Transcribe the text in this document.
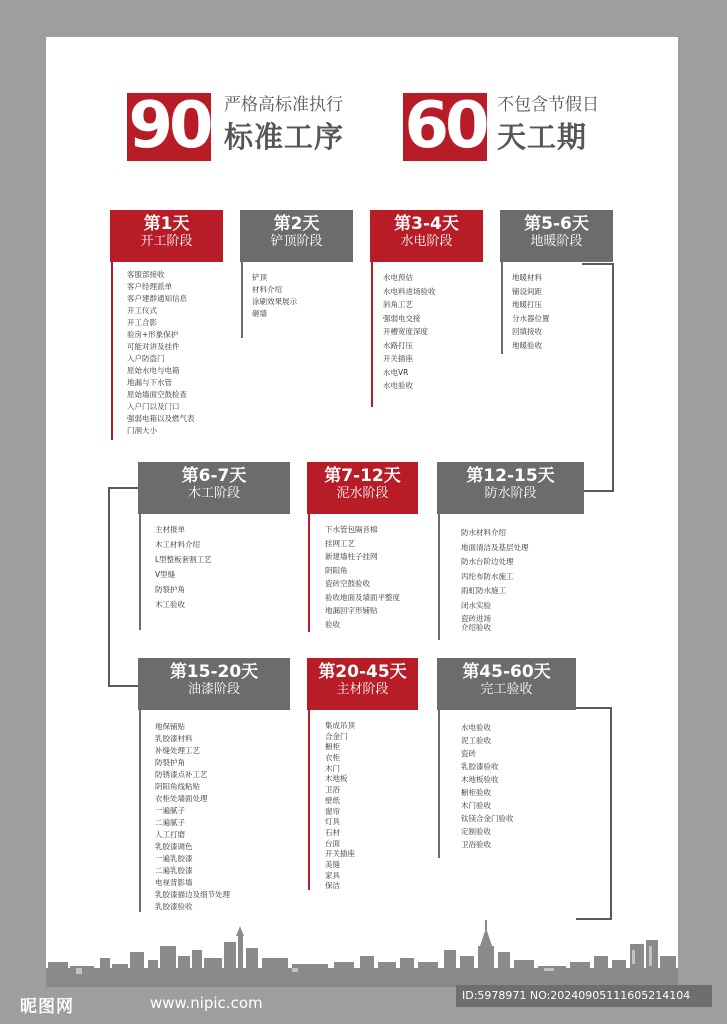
90 严格高标准执行
标准工序 60 不包含节假日
天工期
第1天
开工阶段
客服部接收
客户经理派单
客户建群通知信息
开工仪式
开工合影
验房+形象保护
可能对讲及挂件
入户防盗门
原始水电与电箱
地漏与下水管
原始墙面空鼓检查
入户门以及门口
强弱电箱以及燃气表
门洞大小
第2天
铲顶阶段
铲顶
材料介绍
涂刷效果展示
砸墙
第3-4天
水电阶段
水电预估
水电料进场验收
斜角工艺
强弱电交接
开槽宽度深度
水路打压
开关插座
水电VR
水电验收
第5-6天
地暖阶段
地暖材料
铺设间距
地暖打压
分水器位置
回填接收
地暖验收
第6-7天
木工阶段
主材报单
木工材料介绍
L型整板套割工艺
V型缝
防裂护角
木工验收
第7-12天
泥水阶段
下水管包隔音棉
挂网工艺
新建墙柱子挂网
阴阳角
瓷砖空鼓验收
验收地面及墙面平整度
地漏回字形铺贴
验收
第12-15天
防水阶段
防水材料介绍
地面清洁及基层处理
防水台阶边处理
丙纶布防水施工
雨虹防水施工
闭水实验
瓷砖进场
介绍验收
第15-20天
油漆阶段
地保铺贴
乳胶漆材料
补缝处理工艺
防裂护角
防锈漆点补工艺
阴阳角线粘贴
衣柜处墙面处理
一遍腻子
二遍腻子
人工打磨
乳胶漆调色
一遍乳胶漆
二遍乳胶漆
电视背影墙
乳胶漆描边及细节处理
乳胶漆验收
第20-45天
主材阶段
集成吊顶
合金门
橱柜
衣柜
木门
木地板
卫浴
壁纸
窗帘
灯具
石材
台面
开关插座
美缝
家具
保洁
第45-60天
完工验收
水电验收
泥工验收
瓷砖
乳胶漆验收
木地板验收
橱柜验收
木门验收
钛镁合金门验收
定制验收
卫浴验收
昵图网	www.nipic.com	ID:5978971 NO:20240905111605214104
